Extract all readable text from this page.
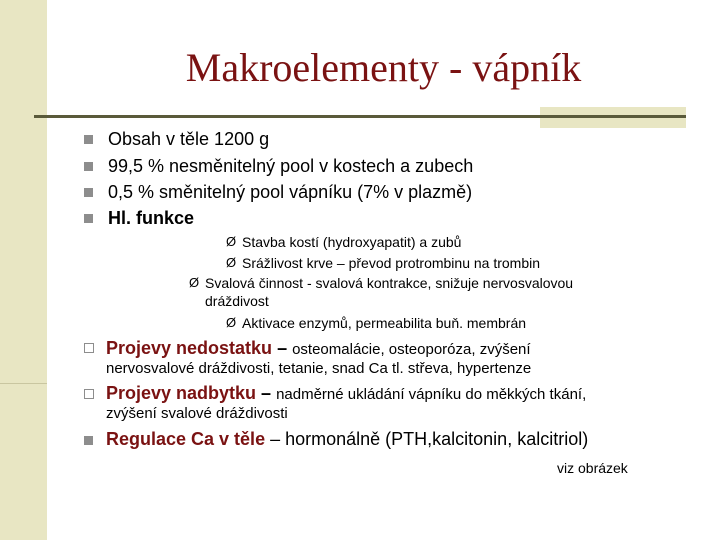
Makroelementy - vápník
Obsah v těle 1200 g
99,5 % nesměnitelný pool v kostech a zubech
0,5 % směnitelný pool vápníku (7% v plazmě)
Hl. funkce
Ø Stavba kostí (hydroxyapatit) a zubů
Ø Srážlivost krve – převod protrombinu na trombin
Ø Svalová činnost - svalová kontrakce, snižuje nervosvalovou
dráždivost
Ø Aktivace enzymů, permeabilita buň. membrán
Projevy nedostatku – osteomalácie, osteoporóza, zvýšení
nervosvalové dráždivosti, tetanie, snad Ca tl. střeva, hypertenze
Projevy nadbytku – nadměrné ukládání vápníku do měkkých tkání,
zvýšení svalové dráždivosti
Regulace Ca v těle – hormonálně (PTH,kalcitonin, kalcitriol)
viz obrázek
